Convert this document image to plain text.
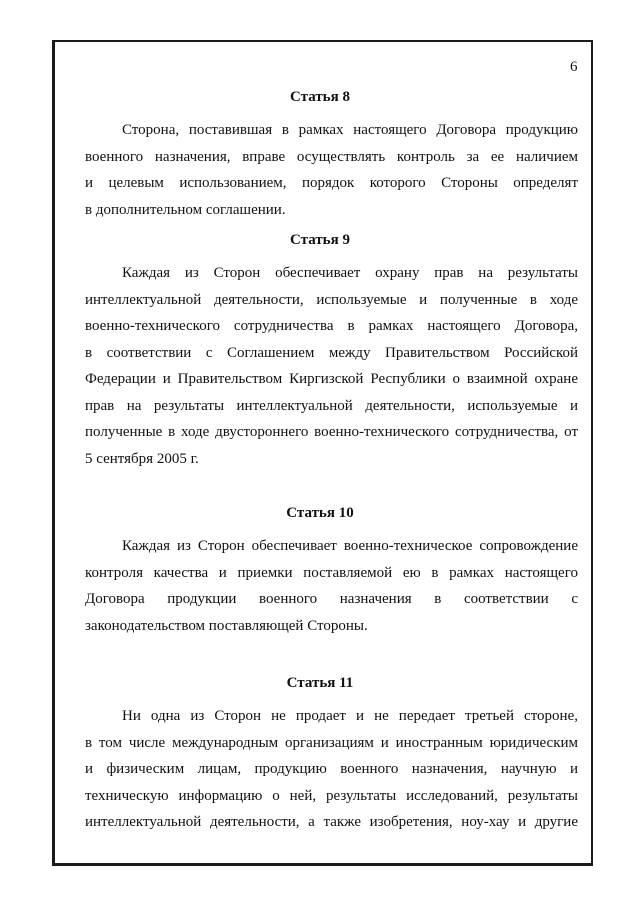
6
Статья 8
Сторона, поставившая в рамках настоящего Договора продукцию
военного назначения, вправе осуществлять контроль за ее наличием
и целевым использованием, порядок которого Стороны определят
в дополнительном соглашении.
Статья 9
Каждая из Сторон обеспечивает охрану прав на результаты
интеллектуальной деятельности, используемые и полученные в ходе
военно-технического сотрудничества в рамках настоящего Договора,
в соответствии с Соглашением между Правительством Российской
Федерации и Правительством Киргизской Республики о взаимной охране
прав на результаты интеллектуальной деятельности, используемые и
полученные в ходе двустороннего военно-технического сотрудничества, от
5 сентября 2005 г.
Статья 10
Каждая из Сторон обеспечивает военно-техническое сопровождение
контроля качества и приемки поставляемой ею в рамках настоящего
Договора продукции военного назначения в соответствии с
законодательством поставляющей Стороны.
Статья 11
Ни одна из Сторон не продает и не передает третьей стороне,
в том числе международным организациям и иностранным юридическим
и физическим лицам, продукцию военного назначения, научную и
техническую информацию о ней, результаты исследований, результаты
интеллектуальной деятельности, а также изобретения, ноу-хау и другие
